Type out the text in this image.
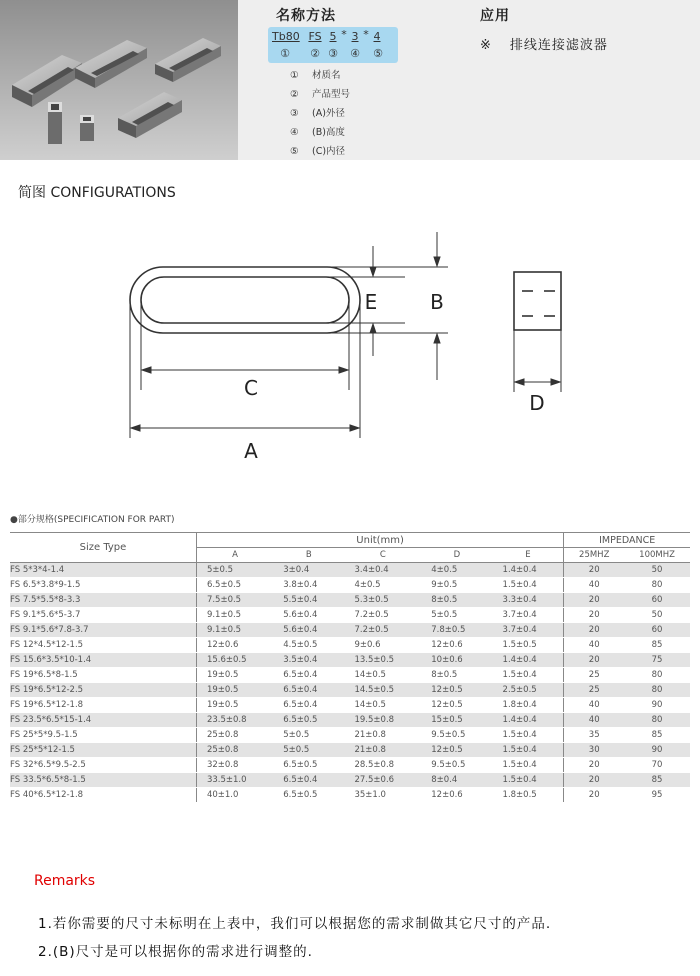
名称方法
Tb80 FS 5 * 3 * 4
①	② ③	④	⑤
① 材质名
② 产品型号
③ (A)外径
④ (B)高度
⑤ (C)内径
应用
※ 排线连接滤波器
简图 CONFIGURATIONS
A
B
C
D
E
●部分规格(SPECIFICATION FOR PART)
Size Type	Unit(mm)					IMPEDANCE	
	A	B	C	D	E	25MHZ	100MHZ
FS 5*3*4-1.4	5±0.5	3±0.4	3.4±0.4	4±0.5	1.4±0.4	20	50
FS 6.5*3.8*9-1.5	6.5±0.5	3.8±0.4	4±0.5	9±0.5	1.5±0.4	40	80
FS 7.5*5.5*8-3.3	7.5±0.5	5.5±0.4	5.3±0.5	8±0.5	3.3±0.4	20	60
FS 9.1*5.6*5-3.7	9.1±0.5	5.6±0.4	7.2±0.5	5±0.5	3.7±0.4	20	50
FS 9.1*5.6*7.8-3.7	9.1±0.5	5.6±0.4	7.2±0.5	7.8±0.5	3.7±0.4	20	60
FS 12*4.5*12-1.5	12±0.6	4.5±0.5	9±0.6	12±0.6	1.5±0.5	40	85
FS 15.6*3.5*10-1.4	15.6±0.5	3.5±0.4	13.5±0.5	10±0.6	1.4±0.4	20	75
FS 19*6.5*8-1.5	19±0.5	6.5±0.4	14±0.5	8±0.5	1.5±0.4	25	80
FS 19*6.5*12-2.5	19±0.5	6.5±0.4	14.5±0.5	12±0.5	2.5±0.5	25	80
FS 19*6.5*12-1.8	19±0.5	6.5±0.4	14±0.5	12±0.5	1.8±0.4	40	90
FS 23.5*6.5*15-1.4	23.5±0.8	6.5±0.5	19.5±0.8	15±0.5	1.4±0.4	40	80
FS 25*5*9.5-1.5	25±0.8	5±0.5	21±0.8	9.5±0.5	1.5±0.4	35	85
FS 25*5*12-1.5	25±0.8	5±0.5	21±0.8	12±0.5	1.5±0.4	30	90
FS 32*6.5*9.5-2.5	32±0.8	6.5±0.5	28.5±0.8	9.5±0.5	1.5±0.4	20	70
FS 33.5*6.5*8-1.5	33.5±1.0	6.5±0.4	27.5±0.6	8±0.4	1.5±0.4	20	85
FS 40*6.5*12-1.8	40±1.0	6.5±0.5	35±1.0	12±0.6	1.8±0.5	20	95
Remarks
1.若你需要的尺寸未标明在上表中，我们可以根据您的需求制做其它尺寸的产品.
2.(B)尺寸是可以根据你的需求进行调整的.
